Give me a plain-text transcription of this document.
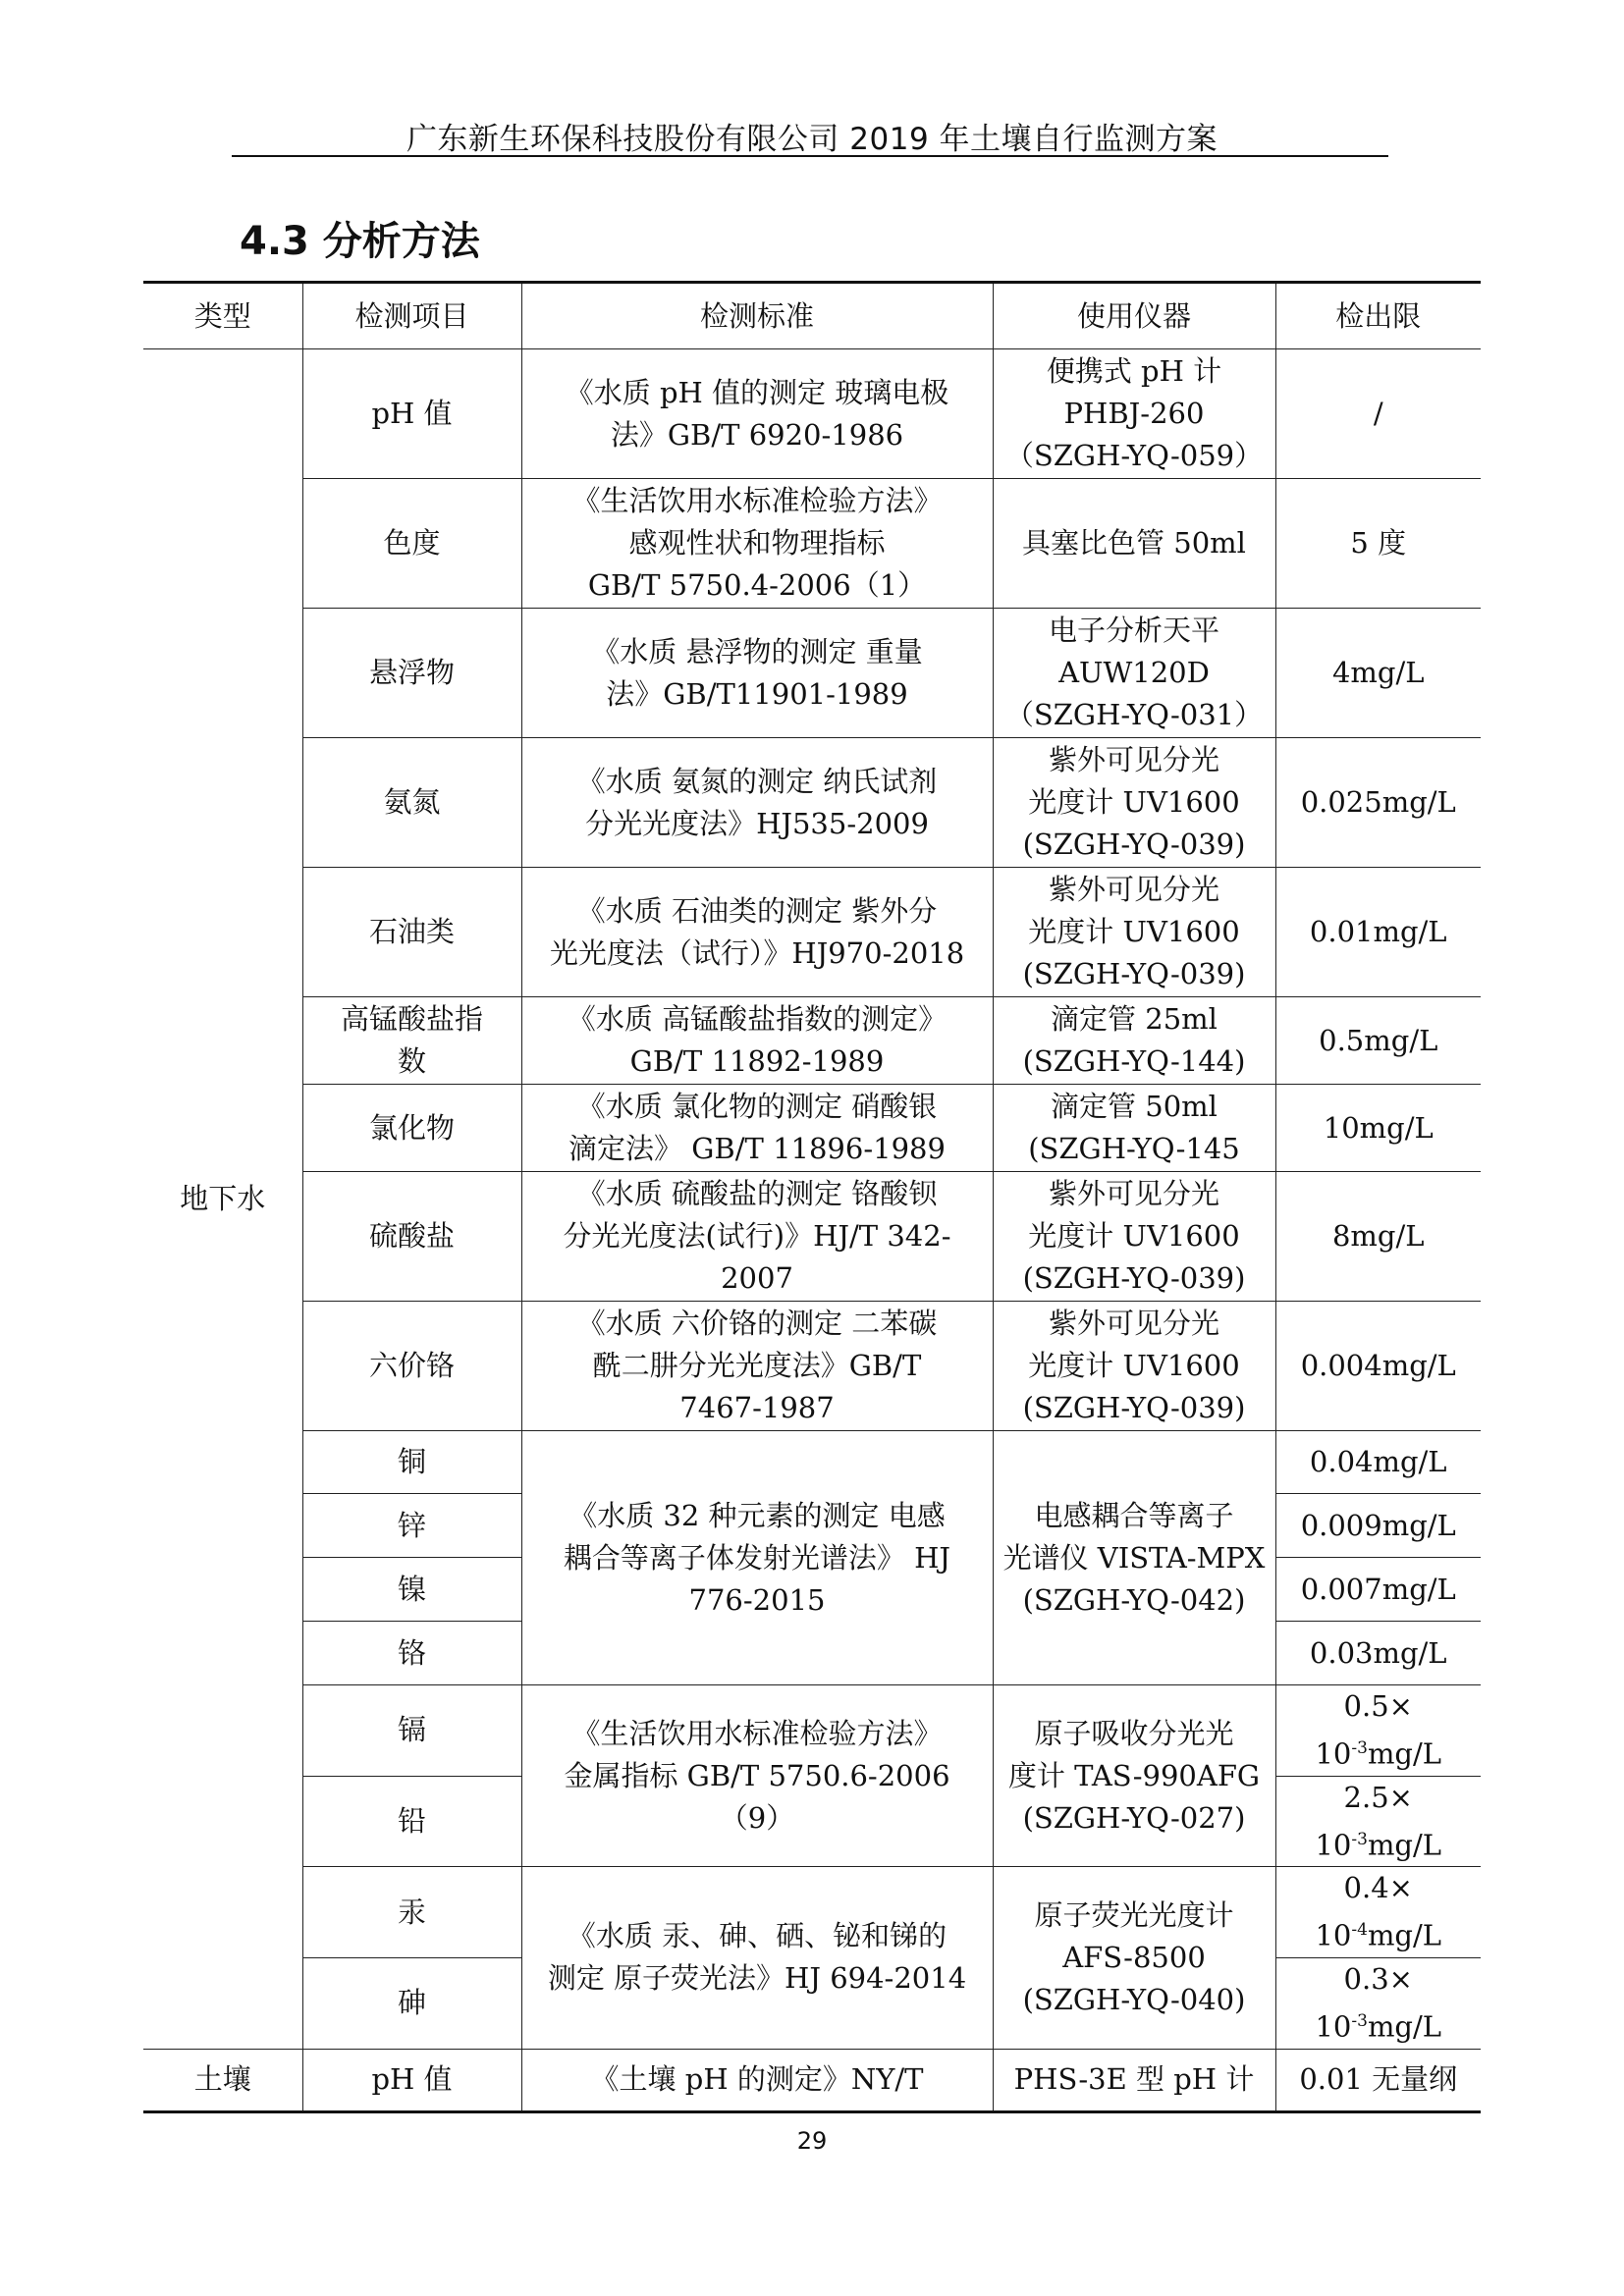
广东新生环保科技股份有限公司 2019 年土壤自行监测方案
4.3 分析方法
类型	检测项目	检测标准	使用仪器	检出限
地下水	pH 值	《水质 pH 值的测定 玻璃电极
法》GB/T 6920-1986	便携式 pH 计
PHBJ-260
（SZGH-YQ-059）	/
	色度	《生活饮用水标准检验方法》
感观性状和物理指标
GB/T 5750.4-2006（1）	具塞比色管 50ml	5 度
	悬浮物	《水质 悬浮物的测定 重量
法》GB/T11901-1989	电子分析天平
AUW120D
（SZGH-YQ-031）	4mg/L
	氨氮	《水质 氨氮的测定 纳氏试剂
分光光度法》HJ535-2009	紫外可见分光
光度计 UV1600
(SZGH-YQ-039)	0.025mg/L
	石油类	《水质 石油类的测定 紫外分
光光度法（试行）》HJ970-2018	紫外可见分光
光度计 UV1600
(SZGH-YQ-039)	0.01mg/L
	高锰酸盐指
数	《水质 高锰酸盐指数的测定》
GB/T 11892-1989	滴定管 25ml
(SZGH-YQ-144)	0.5mg/L
	氯化物	《水质 氯化物的测定 硝酸银
滴定法》 GB/T 11896-1989	滴定管 50ml
(SZGH-YQ-145	10mg/L
	硫酸盐	《水质 硫酸盐的测定 铬酸钡
分光光度法(试行)》HJ/T 342-
2007	紫外可见分光
光度计 UV1600
(SZGH-YQ-039)	8mg/L
	六价铬	《水质 六价铬的测定 二苯碳
酰二肼分光光度法》GB/T
7467-1987	紫外可见分光
光度计 UV1600
(SZGH-YQ-039)	0.004mg/L
	铜	《水质 32 种元素的测定 电感
耦合等离子体发射光谱法》 HJ
776-2015	电感耦合等离子
光谱仪 VISTA-MPX
(SZGH-YQ-042)	0.04mg/L
	锌			0.009mg/L
	镍			0.007mg/L
	铬			0.03mg/L
	镉	《生活饮用水标准检验方法》
金属指标 GB/T 5750.6-2006
（9）	原子吸收分光光
度计 TAS-990AFG
(SZGH-YQ-027)	0.5×
$10^{-3}mg/L$

	铅			2.5×
$10^{-3}mg/L$

	汞	《水质 汞、砷、硒、铋和锑的
测定 原子荧光法》HJ 694-2014	原子荧光光度计
AFS-8500
(SZGH-YQ-040)	0.4×
$10^{-4}mg/L$

	砷			0.3×
$10^{-3}mg/L$

土壤	pH 值	《土壤 pH 的测定》NY/T	PHS-3E 型 pH 计	0.01 无量纲
29
